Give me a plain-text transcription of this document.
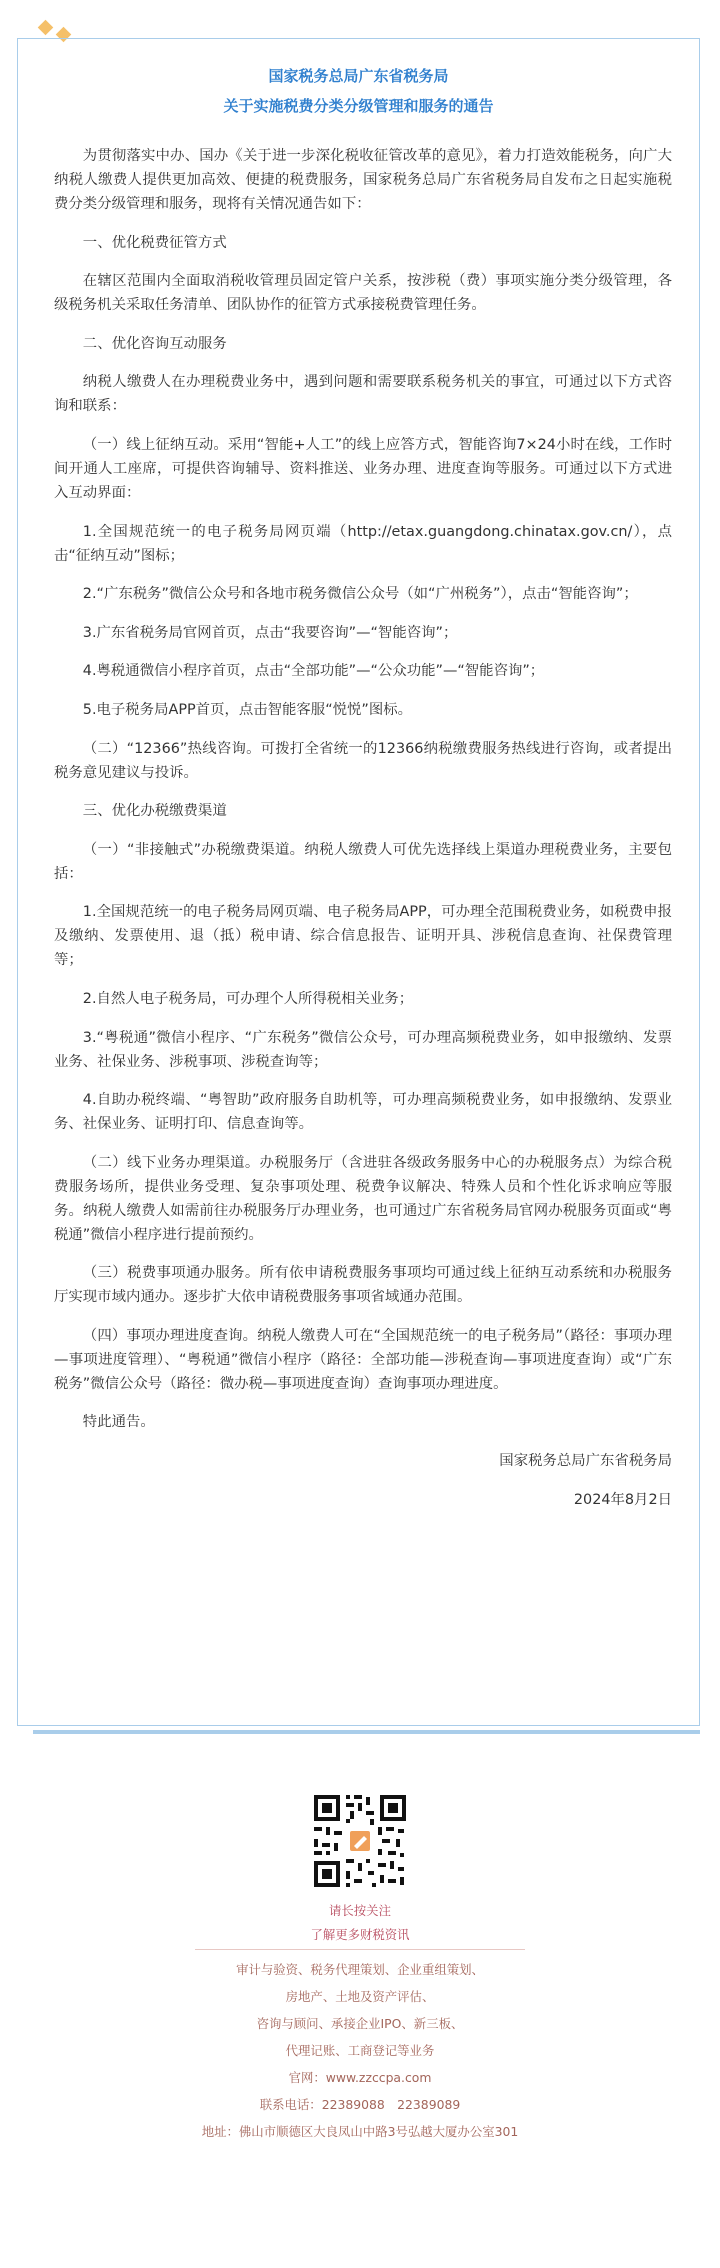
国家税务总局广东省税务局
关于实施税费分类分级管理和服务的通告

为贯彻落实中办、国办《关于进一步深化税收征管改革的意见》，着力打造效能税务，向广大纳税人缴费人提供更加高效、便捷的税费服务，国家税务总局广东省税务局自发布之日起实施税费分类分级管理和服务，现将有关情况通告如下：

一、优化税费征管方式

在辖区范围内全面取消税收管理员固定管户关系，按涉税（费）事项实施分类分级管理，各级税务机关采取任务清单、团队协作的征管方式承接税费管理任务。

二、优化咨询互动服务

纳税人缴费人在办理税费业务中，遇到问题和需要联系税务机关的事宜，可通过以下方式咨询和联系：

（一）线上征纳互动。采用“智能+人工”的线上应答方式，智能咨询7×24小时在线，工作时间开通人工座席，可提供咨询辅导、资料推送、业务办理、进度查询等服务。可通过以下方式进入互动界面：

1.全国规范统一的电子税务局网页端（http://etax.guangdong.chinatax.gov.cn/），点击“征纳互动”图标；

2.“广东税务”微信公众号和各地市税务微信公众号（如“广州税务”），点击“智能咨询”；

3.广东省税务局官网首页，点击“我要咨询”—“智能咨询”；

4.粤税通微信小程序首页，点击“全部功能”—“公众功能”—“智能咨询”；

5.电子税务局APP首页，点击智能客服“悦悦”图标。

（二）“12366”热线咨询。可拨打全省统一的12366纳税缴费服务热线进行咨询，或者提出税务意见建议与投诉。

三、优化办税缴费渠道

（一）“非接触式”办税缴费渠道。纳税人缴费人可优先选择线上渠道办理税费业务，主要包括：

1.全国规范统一的电子税务局网页端、电子税务局APP，可办理全范围税费业务，如税费申报及缴纳、发票使用、退（抵）税申请、综合信息报告、证明开具、涉税信息查询、社保费管理等；

2.自然人电子税务局，可办理个人所得税相关业务；

3.“粤税通”微信小程序、“广东税务”微信公众号，可办理高频税费业务，如申报缴纳、发票业务、社保业务、涉税事项、涉税查询等；

4.自助办税终端、“粤智助”政府服务自助机等，可办理高频税费业务，如申报缴纳、发票业务、社保业务、证明打印、信息查询等。

（二）线下业务办理渠道。办税服务厅（含进驻各级政务服务中心的办税服务点）为综合税费服务场所，提供业务受理、复杂事项处理、税费争议解决、特殊人员和个性化诉求响应等服务。纳税人缴费人如需前往办税服务厅办理业务，也可通过广东省税务局官网办税服务页面或“粤税通”微信小程序进行提前预约。

（三）税费事项通办服务。所有依申请税费服务事项均可通过线上征纳互动系统和办税服务厅实现市域内通办。逐步扩大依申请税费服务事项省域通办范围。

（四）事项办理进度查询。纳税人缴费人可在“全国规范统一的电子税务局”（路径：事项办理—事项进度管理）、“粤税通”微信小程序（路径：全部功能—涉税查询—事项进度查询）或“广东税务”微信公众号（路径：微办税—事项进度查询）查询事项办理进度。

特此通告。

国家税务总局广东省税务局

2024年8月2日

请长按关注
了解更多财税资讯
审计与验资、税务代理策划、企业重组策划、
房地产、土地及资产评估、
咨询与顾问、承接企业IPO、新三板、
代理记账、工商登记等业务
官网：www.zzccpa.com
联系电话：22389088　22389089
地址：佛山市顺德区大良凤山中路3号弘越大厦办公室301
